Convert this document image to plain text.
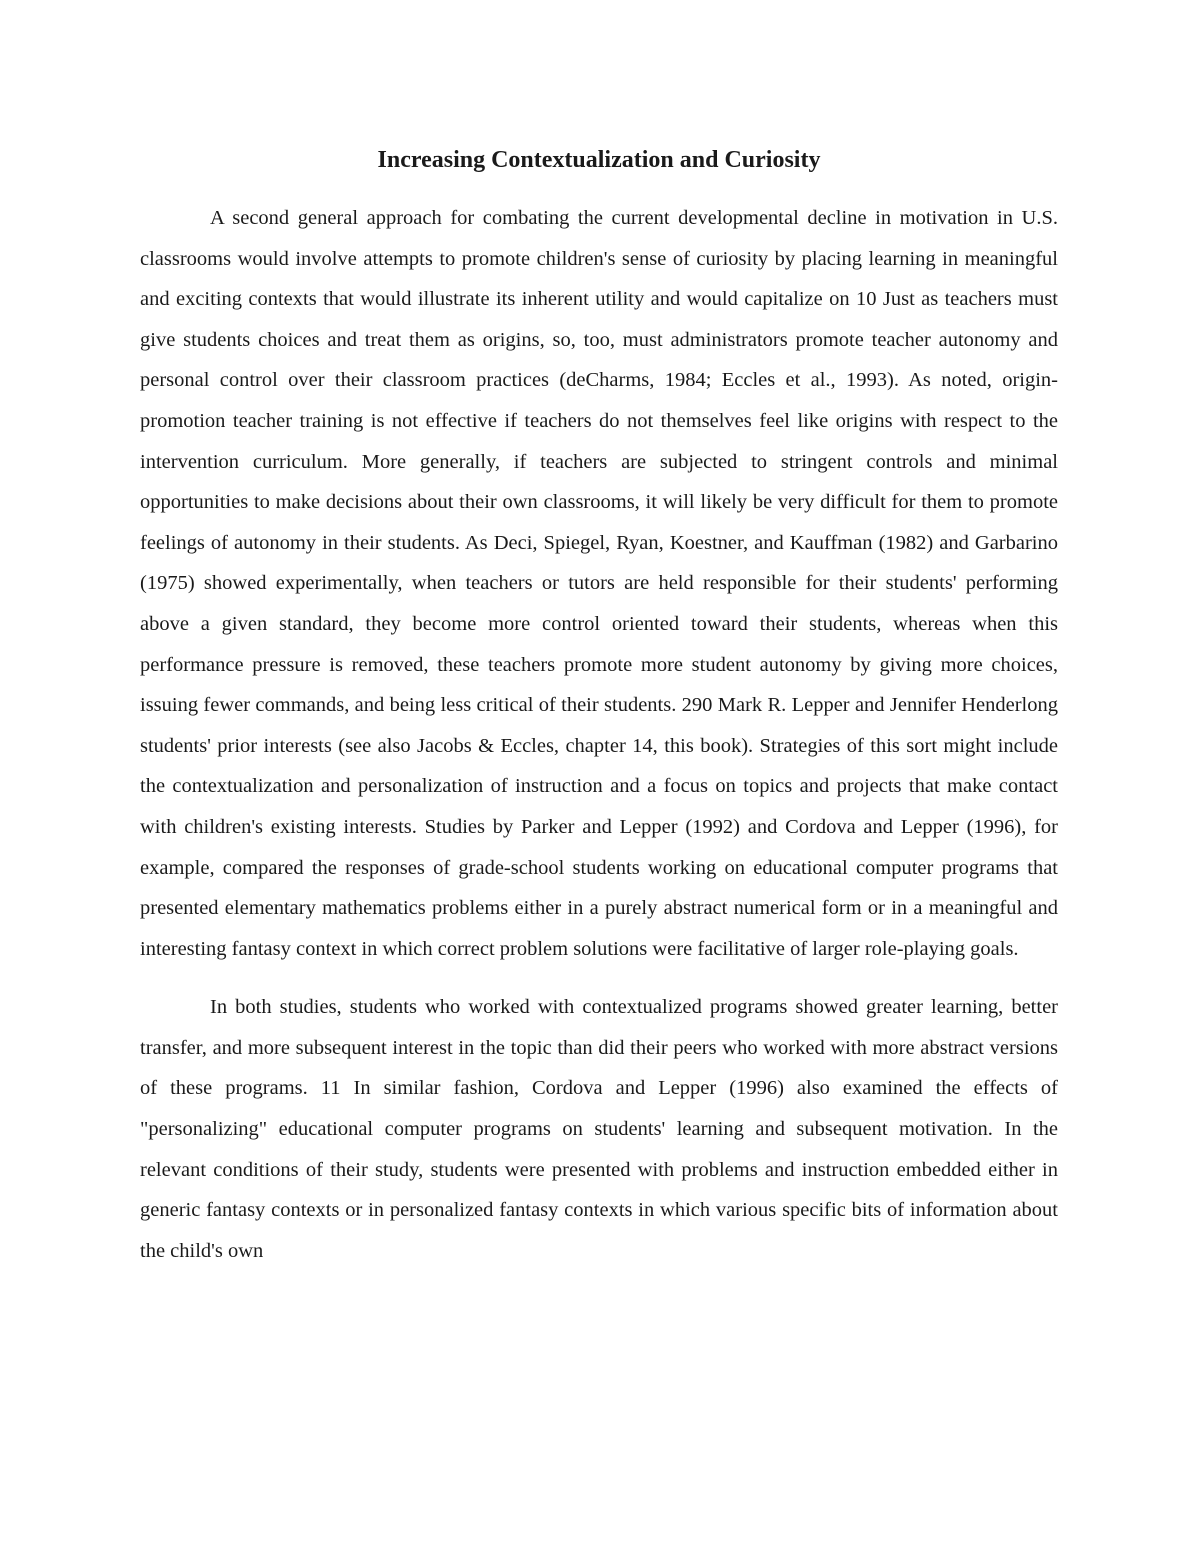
Increasing Contextualization and Curiosity

A second general approach for combating the current developmental decline in motivation in U.S. classrooms would involve attempts to promote children's sense of curiosity by placing learning in meaningful and exciting contexts that would illustrate its inherent utility and would capitalize on 10 Just as teachers must give students choices and treat them as origins, so, too, must administrators promote teacher autonomy and personal control over their classroom practices (deCharms, 1984; Eccles et al., 1993). As noted, origin-promotion teacher training is not effective if teachers do not themselves feel like origins with respect to the intervention curriculum. More generally, if teachers are subjected to stringent controls and minimal opportunities to make decisions about their own classrooms, it will likely be very difficult for them to promote feelings of autonomy in their students. As Deci, Spiegel, Ryan, Koestner, and Kauffman (1982) and Garbarino (1975) showed experimentally, when teachers or tutors are held responsible for their students' performing above a given standard, they become more control oriented toward their students, whereas when this performance pressure is removed, these teachers promote more student autonomy by giving more choices, issuing fewer commands, and being less critical of their students. 290 Mark R. Lepper and Jennifer Henderlong students' prior interests (see also Jacobs & Eccles, chapter 14, this book). Strategies of this sort might include the contextualization and personalization of instruction and a focus on topics and projects that make contact with children's existing interests. Studies by Parker and Lepper (1992) and Cordova and Lepper (1996), for example, compared the responses of grade-school students working on educational computer programs that presented elementary mathematics problems either in a purely abstract numerical form or in a meaningful and interesting fantasy context in which correct problem solutions were facilitative of larger role-playing goals.

In both studies, students who worked with contextualized programs showed greater learning, better transfer, and more subsequent interest in the topic than did their peers who worked with more abstract versions of these programs. 11 In similar fashion, Cordova and Lepper (1996) also examined the effects of "personalizing" educational computer programs on students' learning and subsequent motivation. In the relevant conditions of their study, students were presented with problems and instruction embedded either in generic fantasy contexts or in personalized fantasy contexts in which various specific bits of information about the child's own
